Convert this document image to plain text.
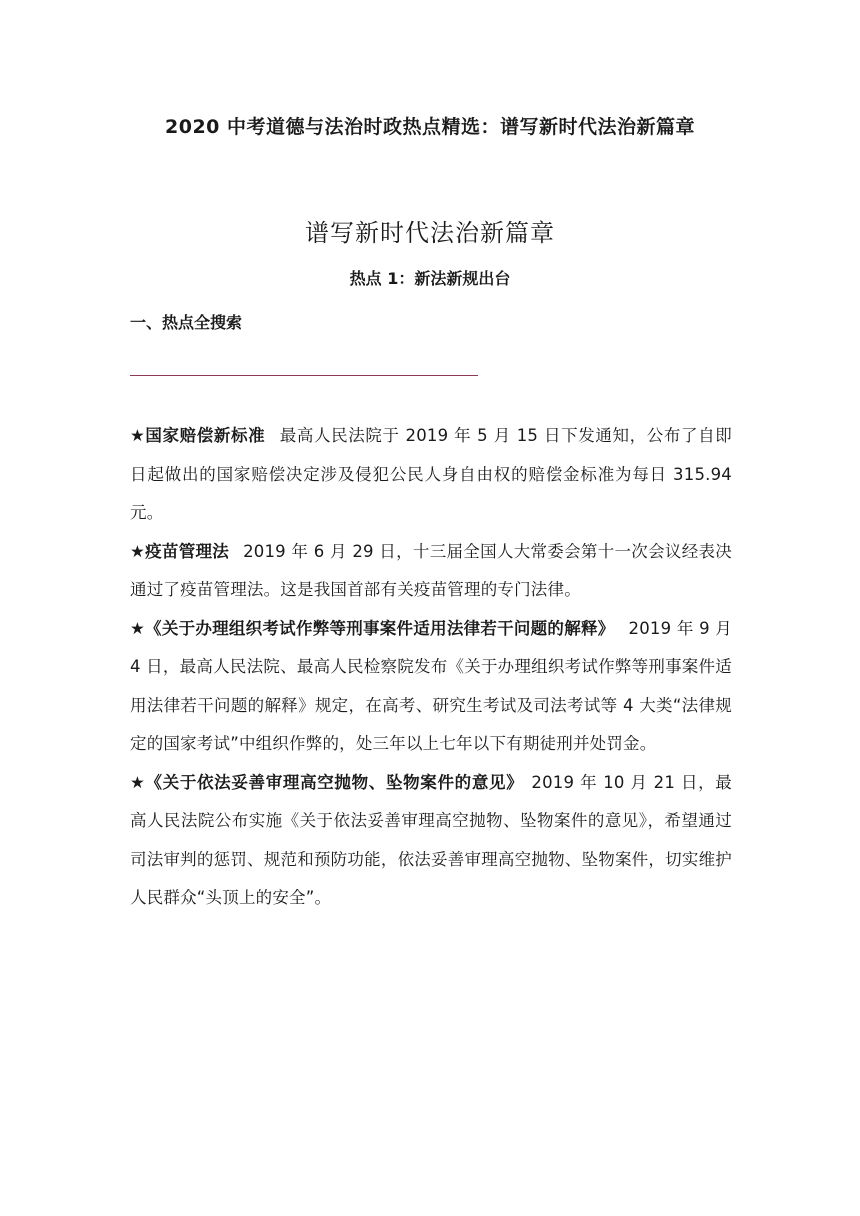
2020 中考道德与法治时政热点精选：谱写新时代法治新篇章
谱写新时代法治新篇章
热点 1：新法新规出台
一、热点全搜索

★国家赔偿新标准 最高人民法院于 2019 年 5 月 15 日下发通知，公布了自即日起做出的国家赔偿决定涉及侵犯公民人身自由权的赔偿金标准为每日 315.94 元。

★疫苗管理法 2019 年 6 月 29 日，十三届全国人大常委会第十一次会议经表决通过了疫苗管理法。这是我国首部有关疫苗管理的专门法律。

★《关于办理组织考试作弊等刑事案件适用法律若干问题的解释》 2019 年 9 月 4 日，最高人民法院、最高人民检察院发布《关于办理组织考试作弊等刑事案件适用法律若干问题的解释》规定，在高考、研究生考试及司法考试等 4 大类“法律规定的国家考试”中组织作弊的，处三年以上七年以下有期徒刑并处罚金。

★《关于依法妥善审理高空抛物、坠物案件的意见》 2019 年 10 月 21 日，最高人民法院公布实施《关于依法妥善审理高空抛物、坠物案件的意见》，希望通过司法审判的惩罚、规范和预防功能，依法妥善审理高空抛物、坠物案件，切实维护人民群众“头顶上的安全”。
